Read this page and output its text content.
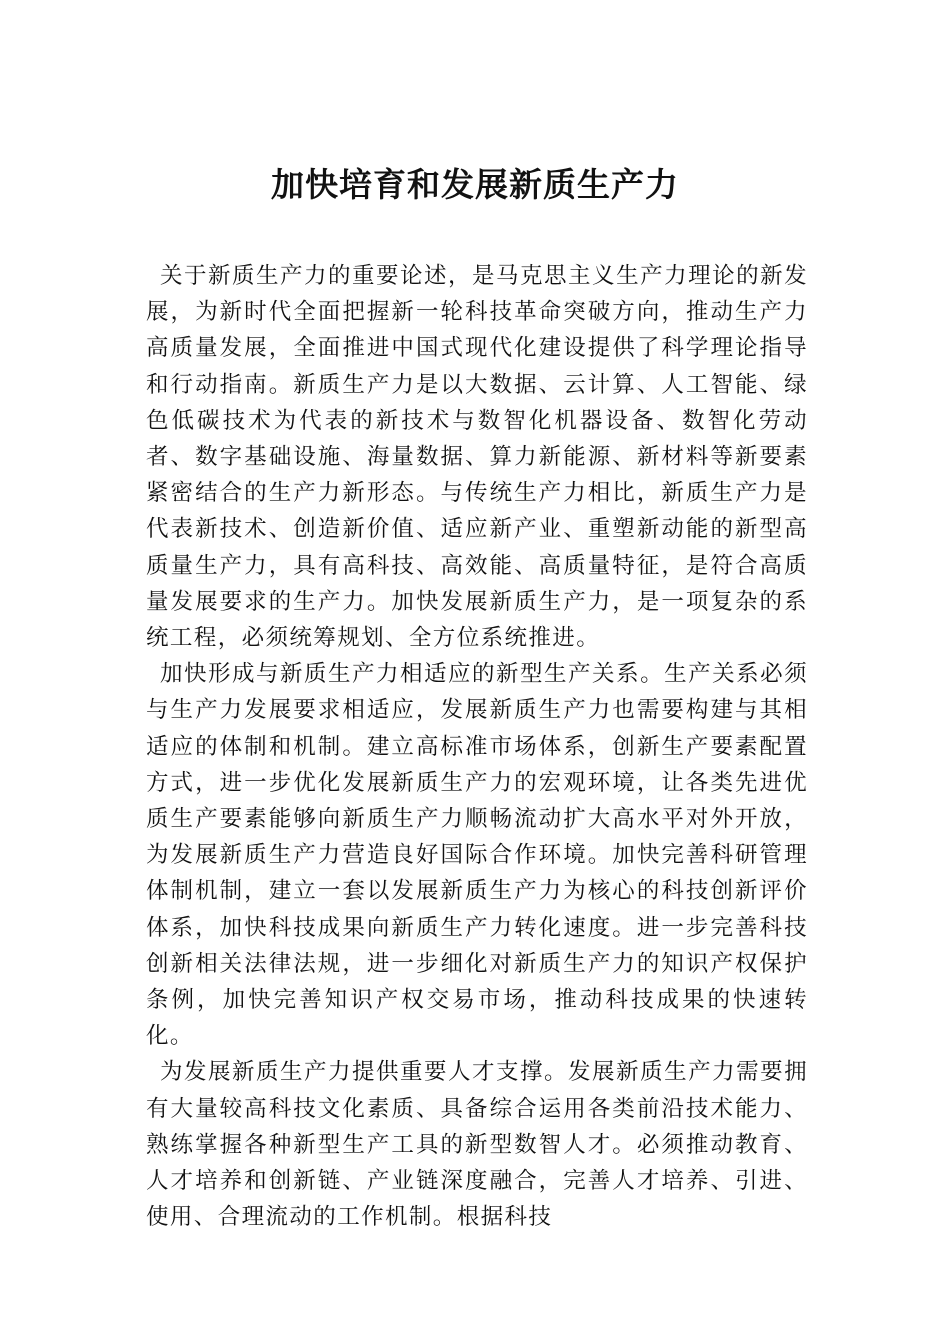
加快培育和发展新质生产力

关于新质生产力的重要论述，是马克思主义生产力理论的新发展，为新时代全面把握新一轮科技革命突破方向，推动生产力高质量发展，全面推进中国式现代化建设提供了科学理论指导和行动指南。新质生产力是以大数据、云计算、人工智能、绿色低碳技术为代表的新技术与数智化机器设备、数智化劳动者、数字基础设施、海量数据、算力新能源、新材料等新要素紧密结合的生产力新形态。与传统生产力相比，新质生产力是代表新技术、创造新价值、适应新产业、重塑新动能的新型高质量生产力，具有高科技、高效能、高质量特征，是符合高质量发展要求的生产力。加快发展新质生产力，是一项复杂的系统工程，必须统筹规划、全方位系统推进。

加快形成与新质生产力相适应的新型生产关系。生产关系必须与生产力发展要求相适应，发展新质生产力也需要构建与其相适应的体制和机制。建立高标准市场体系，创新生产要素配置方式，进一步优化发展新质生产力的宏观环境，让各类先进优质生产要素能够向新质生产力顺畅流动扩大高水平对外开放，为发展新质生产力营造良好国际合作环境。加快完善科研管理体制机制，建立一套以发展新质生产力为核心的科技创新评价体系，加快科技成果向新质生产力转化速度。进一步完善科技创新相关法律法规，进一步细化对新质生产力的知识产权保护条例，加快完善知识产权交易市场，推动科技成果的快速转化。

为发展新质生产力提供重要人才支撑。发展新质生产力需要拥有大量较高科技文化素质、具备综合运用各类前沿技术能力、熟练掌握各种新型生产工具的新型数智人才。必须推动教育、人才培养和创新链、产业链深度融合，完善人才培养、引进、使用、合理流动的工作机制。根据科技
